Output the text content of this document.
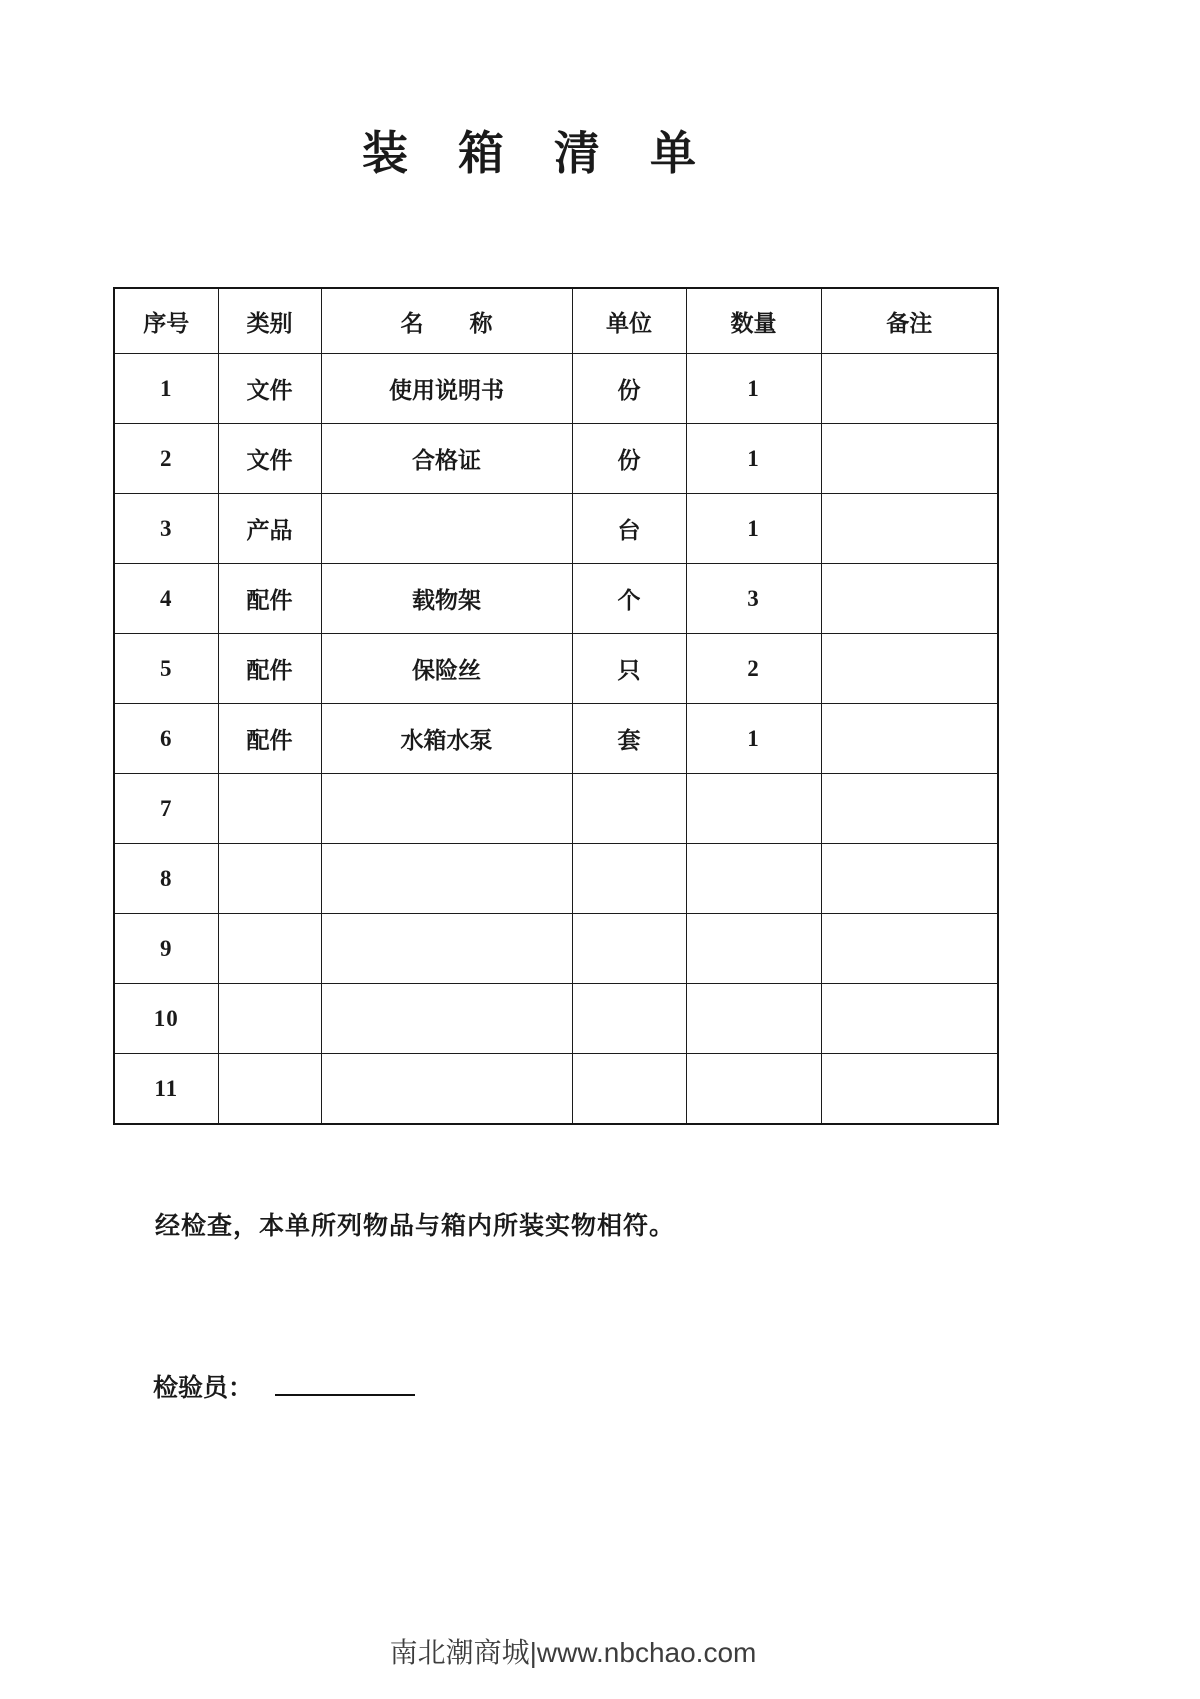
装　箱　清　单
序号	类别	名　　称	单位	数量	备注
1	文件	使用说明书	份	1	
2	文件	合格证	份	1	
3	产品		台	1	
4	配件	载物架	个	3	
5	配件	保险丝	只	2	
6	配件	水箱水泵	套	1	
7					
8					
9					
10					
11					
经检查，本单所列物品与箱内所装实物相符。
检验员：
南北潮商城|www.nbchao.com
